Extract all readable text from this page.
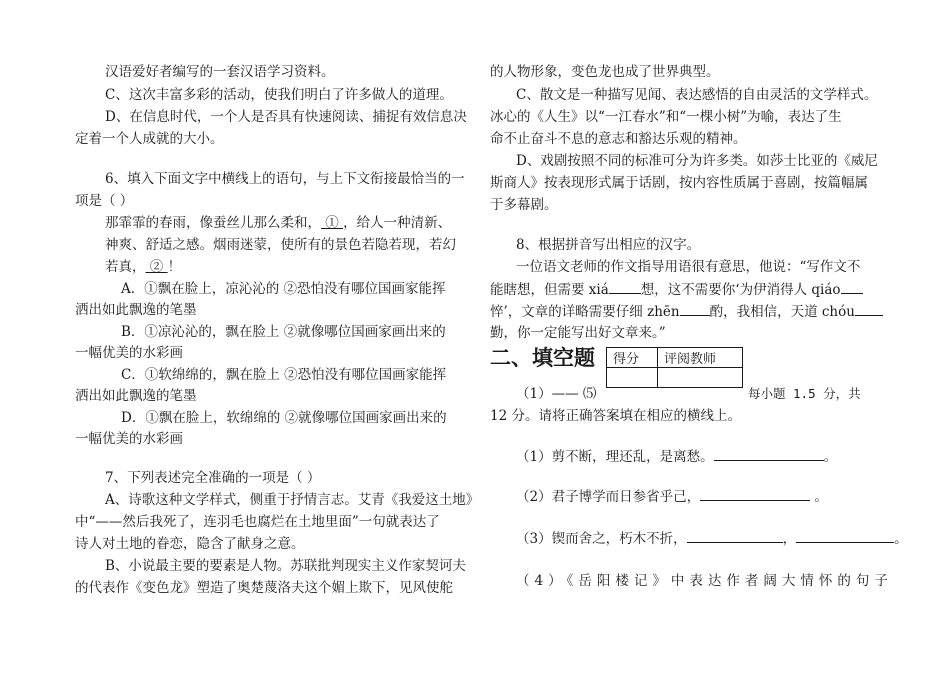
汉语爱好者编写的一套汉语学习资料。
C、这次丰富多彩的活动，使我们明白了许多做人的道理。
D、在信息时代，一个人是否具有快速阅读、捕捉有效信息决
定着一个人成就的大小。
6、填入下面文字中横线上的语句，与上下文衔接最恰当的一
项是（ ）
那霏霏的春雨，像蚕丝儿那么柔和， ① ，给人一种清新、
神爽、舒适之感。烟雨迷蒙，使所有的景色若隐若现，若幻
若真， ② ！
A．①飘在脸上，凉沁沁的 ②恐怕没有哪位国画家能挥
洒出如此飘逸的笔墨
B．①凉沁沁的，飘在脸上 ②就像哪位国画家画出来的
一幅优美的水彩画
C．①软绵绵的，飘在脸上 ②恐怕没有哪位国画家能挥
洒出如此飘逸的笔墨
D．①飘在脸上，软绵绵的 ②就像哪位国画家画出来的
一幅优美的水彩画
7、下列表述完全准确的一项是（ ）
A、诗歌这种文学样式，侧重于抒情言志。艾青《我爱这土地》
中“——然后我死了，连羽毛也腐烂在土地里面”一句就表达了
诗人对土地的眷恋，隐含了献身之意。
B、小说最主要的要素是人物。苏联批判现实主义作家契诃夫
的代表作《变色龙》塑造了奥楚蔑洛夫这个媚上欺下，见风使舵
的人物形象，变色龙也成了世界典型。
C、散文是一种描写见闻、表达感悟的自由灵活的文学样式。
冰心的《人生》以“一江春水”和“一棵小树”为喻，表达了生
命不止奋斗不息的意志和豁达乐观的精神。
D、戏剧按照不同的标准可分为许多类。如莎士比亚的《威尼
斯商人》按表现形式属于话剧，按内容性质属于喜剧，按篇幅属
于多幕剧。
8、根据拼音写出相应的汉字。
一位语文老师的作文指导用语很有意思，他说：“写作文不
能瞎想，但需要 xiá 想，这不需要你‘为伊消得人 qiáo
悴’，文章的详略需要仔细 zhēn 酌，我相信，天道 chóu
勤，你一定能写出好文章来。”
二、填空题 得分	评阅教师

（1）—— ⑸	每小题 1.5 分，共
12 分。请将正确答案填在相应的横线上。
（1）剪不断，理还乱，是离愁。	。
（2）君子博学而日参省乎己，	。
（3）锲而舍之，朽木不折，	，	。
（4）《岳阳楼记》中表达作者阔大情怀的句子
